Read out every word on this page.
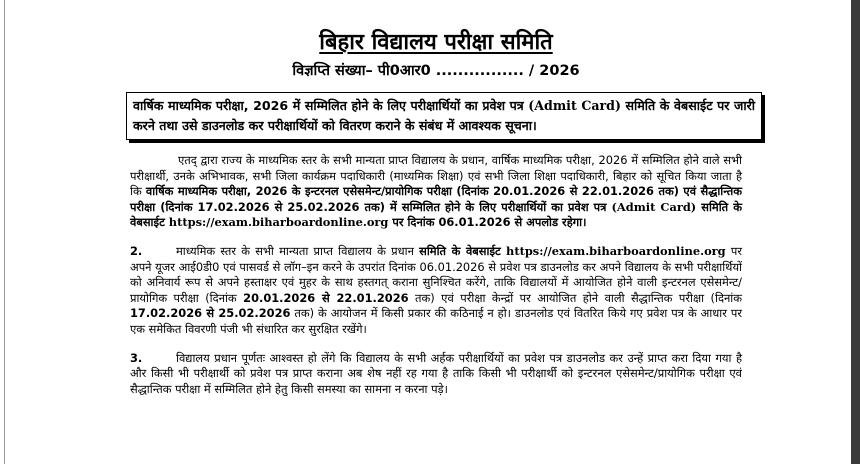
बिहार विद्यालय परीक्षा समिति
विज्ञप्ति संख्या– पी0आर0 ................ / 2026
वार्षिक माध्यमिक परीक्षा, 2026 में सम्मिलित होने के लिए परीक्षार्थियों का प्रवेश पत्र (Admit Card) समिति के वेबसाईट पर जारी करने तथा उसे डाउनलोड कर परीक्षार्थियों को वितरण कराने के संबंध में आवश्यक सूचना।
एतद् द्वारा राज्य के माध्यमिक स्तर के सभी मान्यता प्राप्त विद्यालय के प्रधान, वार्षिक माध्यमिक परीक्षा, 2026 में सम्मिलित होने वाले सभी परीक्षार्थी, उनके अभिभावक, सभी जिला कार्यक्रम पदाधिकारी (माध्यमिक शिक्षा) एवं सभी जिला शिक्षा पदाधिकारी, बिहार को सूचित किया जाता है कि वार्षिक माध्यमिक परीक्षा, 2026 के इन्टरनल एसेसमेन्ट/प्रायोगिक परीक्षा (दिनांक 20.01.2026 से 22.01.2026 तक) एवं सैद्धान्तिक परीक्षा (दिनांक 17.02.2026 से 25.02.2026 तक) में सम्मिलित होने के लिए परीक्षार्थियों का प्रवेश पत्र (Admit Card) समिति के वेबसाईट https://exam.biharboardonline.org पर दिनांक 06.01.2026 से अपलोड रहेगा।
2.	माध्यमिक स्तर के सभी मान्यता प्राप्त विद्यालय के प्रधान समिति के वेबसाईट https://exam.biharboardonline.org पर अपने यूजर आई0डी0 एवं पासवर्ड से लॉग–इन करने के उपरांत दिनांक 06.01.2026 से प्रवेश पत्र डाउनलोड कर अपने विद्यालय के सभी परीक्षार्थियों को अनिवार्य रूप से अपने हस्ताक्षर एवं मुहर के साथ हस्तगत् कराना सुनिश्चित करेंगे, ताकि विद्यालयों में आयोजित होने वाली इन्टरनल एसेसमेन्ट/प्रायोगिक परीक्षा (दिनांक 20.01.2026 से 22.01.2026 तक) एवं परीक्षा केन्द्रों पर आयोजित होने वाली सैद्धान्तिक परीक्षा (दिनांक 17.02.2026 से 25.02.2026 तक) के आयोजन में किसी प्रकार की कठिनाई न हो। डाउनलोड एवं वितरित किये गए प्रवेश पत्र के आधार पर एक समेकित विवरणी पंजी भी संधारित कर सुरक्षित रखेंगे।
3.	विद्यालय प्रधान पूर्णतः आश्वस्त हो लेंगे कि विद्यालय के सभी अर्हक परीक्षार्थियों का प्रवेश पत्र डाउनलोड कर उन्हें प्राप्त करा दिया गया है और किसी भी परीक्षार्थी को प्रवेश पत्र प्राप्त कराना अब शेष नहीं रह गया है ताकि किसी भी परीक्षार्थी को इन्टरनल एसेसमेन्ट/प्रायोगिक परीक्षा एवं सैद्धान्तिक परीक्षा में सम्मिलित होने हेतु किसी समस्या का सामना न करना पड़े।
